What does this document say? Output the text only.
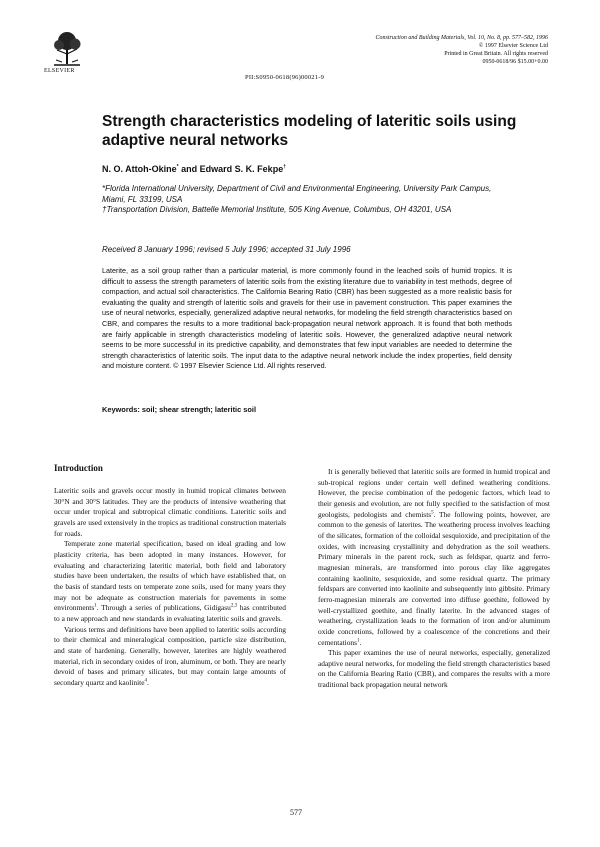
ELSEVIER
Construction and Building Materials, Vol. 10, No. 8, pp. 577–582, 1996
© 1997 Elsevier Science Ltd
Printed in Great Britain. All rights reserved
0950-0618/96 $15.00+0.00
PII:S0950-0618(96)00021-9
Strength characteristics modeling of lateritic soils using adaptive neural networks
N. O. Attoh-Okine* and Edward S. K. Fekpe†
*Florida International University, Department of Civil and Environmental Engineering, University Park Campus, Miami, FL 33199, USA
†Transportation Division, Battelle Memorial Institute, 505 King Avenue, Columbus, OH 43201, USA
Received 8 January 1996; revised 5 July 1996; accepted 31 July 1996
Laterite, as a soil group rather than a particular material, is more commonly found in the leached soils of humid tropics. It is difficult to assess the strength parameters of lateritic soils from the existing literature due to variability in test methods, degree of compaction, and actual soil characteristics. The California Bearing Ratio (CBR) has been suggested as a more realistic basis for evaluating the quality and strength of lateritic soils and gravels for their use in pavement construction. This paper examines the use of neural networks, especially, generalized adaptive neural networks, for modeling the field strength characteristics based on CBR, and compares the results to a more traditional back-propagation neural network approach. It is found that both methods are fairly applicable in strength characteristics modeling of lateritic soils. However, the generalized adaptive neural network seems to be more successful in its predictive capability, and demonstrates that few input variables are needed to determine the strength characteristics of lateritic soils. The input data to the adaptive neural network include the index properties, field density and moisture content. © 1997 Elsevier Science Ltd. All rights reserved.
Keywords: soil; shear strength; lateritic soil
Introduction

Lateritic soils and gravels occur mostly in humid tropical climates between 30°N and 30°S latitudes. They are the products of intensive weathering that occur under tropical and subtropical climatic conditions. Lateritic soils and gravels are used extensively in the tropics as traditional construction materials for roads.

Temperate zone material specification, based on ideal grading and low plasticity criteria, has been adopted in many instances. However, for evaluating and characterizing lateritic material, both field and laboratory studies have been undertaken, the results of which have established that, on the basis of standard tests on temperate zone soils, used for many years they may not be adequate as construction materials for pavements in some environments$^1$. Through a series of publications, Gidigasu$^{2,3}$ has contributed to a new approach and new standards in evaluating lateritic soils and gravels.

Various terms and definitions have been applied to lateritic soils according to their chemical and mineralogical composition, particle size distribution, and state of hardening. Generally, however, laterites are highly weathered material, rich in secondary oxides of iron, aluminum, or both. They are nearly devoid of bases and primary silicates, but may contain large amounts of secondary quartz and kaolinite$^4$.

It is generally believed that lateritic soils are formed in humid tropical and sub-tropical regions under certain well defined weathering conditions. However, the precise combination of the pedogenic factors, which lead to their genesis and evolution, are not fully specified to the satisfaction of most geologists, pedologists and chemists$^5$. The following points, however, are common to the genesis of laterites. The weathering process involves leaching of the silicates, formation of the colloidal sesquioxide, and precipitation of the oxides, with increasing crystallinity and dehydration as the soil weathers. Primary minerals in the parent rock, such as feldspar, quartz and ferro-magnesian minerals, are transformed into porous clay like aggregates containing kaolinite, sesquioxide, and some residual quartz. The primary feldspars are converted into kaolinite and subsequently into gibbsite. Primary ferro-magnesian minerals are converted into diffuse goethite, followed by well-crystallized goethite, and finally laterite. In the advanced stages of weathering, crystallization leads to the formation of iron and/or aluminum oxide concretions, followed by a coalescence of the concretions and their cementations$^1$.

This paper examines the use of neural networks, especially, generalized adaptive neural networks, for modeling the field strength characteristics based on the California Bearing Ratio (CBR), and compares the results with a more traditional back propagation neural network

577
